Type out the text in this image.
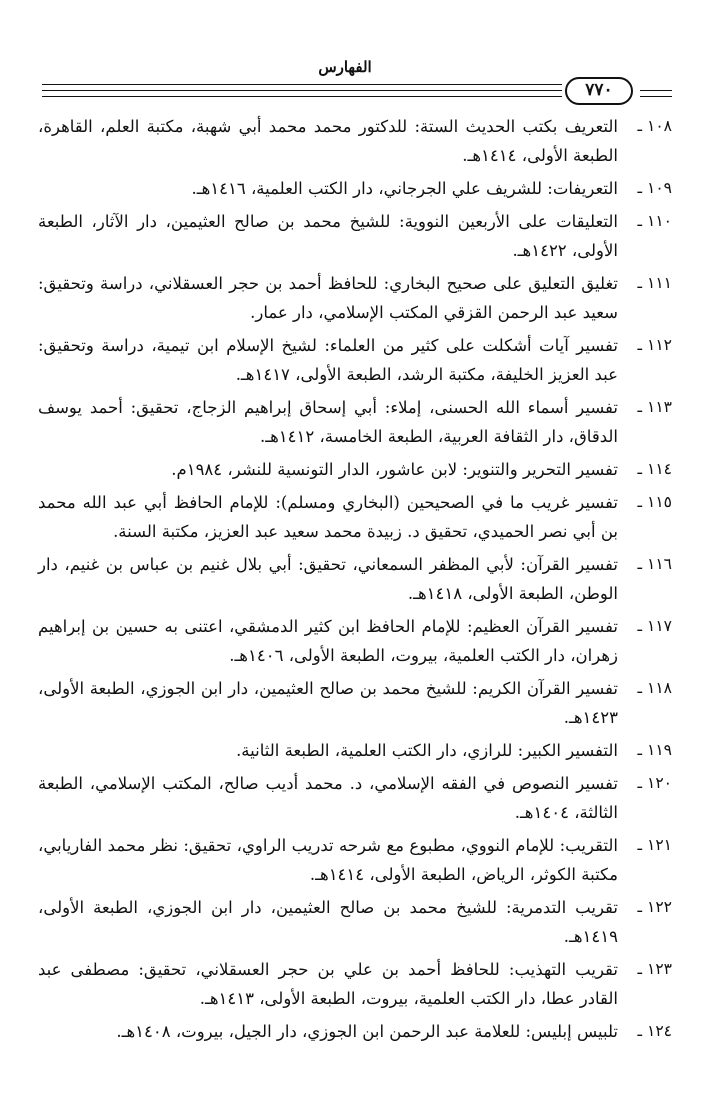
الفهارس
٧٧٠
١٠٨ ـ
التعريف بكتب الحديث الستة: للدكتور محمد محمد أبي شهبة، مكتبة العلم، القاهرة، الطبعة الأولى، ١٤١٤هـ.
١٠٩ ـ
التعريفات: للشريف علي الجرجاني، دار الكتب العلمية، ١٤١٦هـ.
١١٠ ـ
التعليقات على الأربعين النووية: للشيخ محمد بن صالح العثيمين، دار الآثار، الطبعة الأولى، ١٤٢٢هـ.
١١١ ـ
تغليق التعليق على صحيح البخاري: للحافظ أحمد بن حجر العسقلاني، دراسة وتحقيق: سعيد عبد الرحمن القزقي المكتب الإسلامي، دار عمار.
١١٢ ـ
تفسير آيات أشكلت على كثير من العلماء: لشيخ الإسلام ابن تيمية، دراسة وتحقيق: عبد العزيز الخليفة، مكتبة الرشد، الطبعة الأولى، ١٤١٧هـ.
١١٣ ـ
تفسير أسماء الله الحسنى، إملاء: أبي إسحاق إبراهيم الزجاج، تحقيق: أحمد يوسف الدقاق، دار الثقافة العربية، الطبعة الخامسة، ١٤١٢هـ.
١١٤ ـ
تفسير التحرير والتنوير: لابن عاشور، الدار التونسية للنشر، ١٩٨٤م.
١١٥ ـ
تفسير غريب ما في الصحيحين (البخاري ومسلم): للإمام الحافظ أبي عبد الله محمد بن أبي نصر الحميدي، تحقيق د. زبيدة محمد سعيد عبد العزيز، مكتبة السنة.
١١٦ ـ
تفسير القرآن: لأبي المظفر السمعاني، تحقيق: أبي بلال غنيم بن عباس بن غنيم، دار الوطن، الطبعة الأولى، ١٤١٨هـ.
١١٧ ـ
تفسير القرآن العظيم: للإمام الحافظ ابن كثير الدمشقي، اعتنى به حسين بن إبراهيم زهران، دار الكتب العلمية، بيروت، الطبعة الأولى، ١٤٠٦هـ.
١١٨ ـ
تفسير القرآن الكريم: للشيخ محمد بن صالح العثيمين، دار ابن الجوزي، الطبعة الأولى، ١٤٢٣هـ.
١١٩ ـ
التفسير الكبير: للرازي، دار الكتب العلمية، الطبعة الثانية.
١٢٠ ـ
تفسير النصوص في الفقه الإسلامي، د. محمد أديب صالح، المكتب الإسلامي، الطبعة الثالثة، ١٤٠٤هـ.
١٢١ ـ
التقريب: للإمام النووي، مطبوع مع شرحه تدريب الراوي، تحقيق: نظر محمد الفاريابي، مكتبة الكوثر، الرياض، الطبعة الأولى، ١٤١٤هـ.
١٢٢ ـ
تقريب التدمرية: للشيخ محمد بن صالح العثيمين، دار ابن الجوزي، الطبعة الأولى، ١٤١٩هـ.
١٢٣ ـ
تقريب التهذيب: للحافظ أحمد بن علي بن حجر العسقلاني، تحقيق: مصطفى عبد القادر عطا، دار الكتب العلمية، بيروت، الطبعة الأولى، ١٤١٣هـ.
١٢٤ ـ
تلبيس إبليس: للعلامة عبد الرحمن ابن الجوزي، دار الجيل، بيروت، ١٤٠٨هـ.
